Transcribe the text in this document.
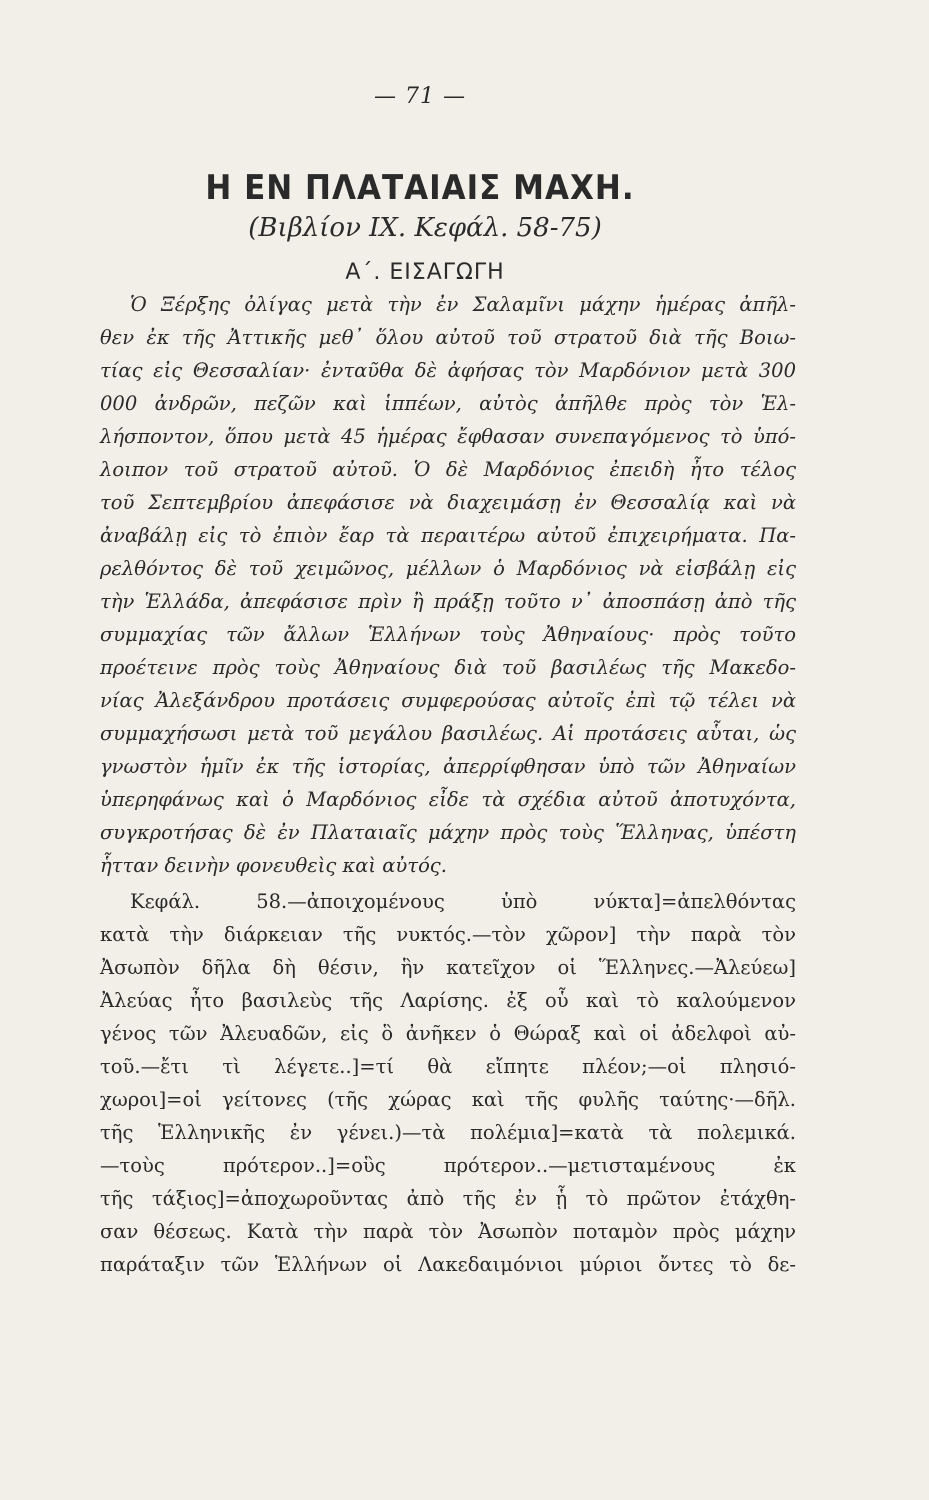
— 71 —
Η ΕΝ ΠΛΑΤΑΙΑΙΣ ΜΑΧΗ.
(Βιβλίον IX. Κεφάλ. 58-75)
Α΄. ΕΙΣΑΓΩΓΗ
Ὁ Ξέρξης ὀλίγας μετὰ τὴν ἐν Σαλαμῖνι μάχην ἡμέρας ἀπῆλ-
θεν ἐκ τῆς Ἀττικῆς μεθ᾽ ὅλου αὐτοῦ τοῦ στρατοῦ διὰ τῆς Βοιω-
τίας εἰς Θεσσαλίαν· ἐνταῦθα δὲ ἀφήσας τὸν Μαρδόνιον μετὰ 300
000 ἀνδρῶν, πεζῶν καὶ ἱππέων, αὐτὸς ἀπῆλθε πρὸς τὸν Ἑλ-
λήσποντον, ὅπου μετὰ 45 ἡμέρας ἔφθασαν συνεπαγόμενος τὸ ὑπό-
λοιπον τοῦ στρατοῦ αὐτοῦ. Ὁ δὲ Μαρδόνιος ἐπειδὴ ἦτο τέλος
τοῦ Σεπτεμβρίου ἀπεφάσισε νὰ διαχειμάσῃ ἐν Θεσσαλίᾳ καὶ νὰ
ἀναβάλῃ εἰς τὸ ἐπιὸν ἔαρ τὰ περαιτέρω αὐτοῦ ἐπιχειρήματα. Πα-
ρελθόντος δὲ τοῦ χειμῶνος, μέλλων ὁ Μαρδόνιος νὰ εἰσβάλῃ εἰς
τὴν Ἑλλάδα, ἀπεφάσισε πρὶν ἢ πράξῃ τοῦτο ν᾽ ἀποσπάσῃ ἀπὸ τῆς
συμμαχίας τῶν ἄλλων Ἑλλήνων τοὺς Ἀθηναίους· πρὸς τοῦτο
προέτεινε πρὸς τοὺς Ἀθηναίους διὰ τοῦ βασιλέως τῆς Μακεδο-
νίας Ἀλεξάνδρου προτάσεις συμφερούσας αὐτοῖς ἐπὶ τῷ τέλει νὰ
συμμαχήσωσι μετὰ τοῦ μεγάλου βασιλέως. Αἱ προτάσεις αὗται, ὡς
γνωστὸν ἡμῖν ἐκ τῆς ἱστορίας, ἀπερρίφθησαν ὑπὸ τῶν Ἀθηναίων
ὑπερηφάνως καὶ ὁ Μαρδόνιος εἶδε τὰ σχέδια αὐτοῦ ἀποτυχόντα,
συγκροτήσας δὲ ἐν Πλαταιαῖς μάχην πρὸς τοὺς Ἕλληνας, ὑπέστη
ἧτταν δεινὴν φονευθεὶς καὶ αὐτός.
Κεφάλ. 58.—ἀποιχομένους ὑπὸ νύκτα]=ἀπελθόντας
κατὰ τὴν διάρκειαν τῆς νυκτός.—τὸν χῶρον] τὴν παρὰ τὸν
Ἀσωπὸν δῆλα δὴ θέσιν, ἣν κατεῖχον οἱ Ἕλληνες.—Ἀλεύεω]
Ἀλεύας ἦτο βασιλεὺς τῆς Λαρίσης. ἐξ οὗ καὶ τὸ καλούμενον
γένος τῶν Ἀλευαδῶν, εἰς ὃ ἀνῆκεν ὁ Θώραξ καὶ οἱ ἀδελφοὶ αὐ-
τοῦ.—ἔτι τὶ λέγετε..]=τί θὰ εἴπητε πλέον;—οἱ πλησιό-
χωροι]=οἱ γείτονες (τῆς χώρας καὶ τῆς φυλῆς ταύτης·—δῆλ.
τῆς Ἑλληνικῆς ἐν γένει.)—τὰ πολέμια]=κατὰ τὰ πολεμικά.
—τοὺς πρότερον..]=οὓς πρότερον..—μετισταμένους ἐκ
τῆς τάξιος]=ἀποχωροῦντας ἀπὸ τῆς ἐν ᾗ τὸ πρῶτον ἐτάχθη-
σαν θέσεως. Κατὰ τὴν παρὰ τὸν Ἀσωπὸν ποταμὸν πρὸς μάχην
παράταξιν τῶν Ἑλλήνων οἱ Λακεδαιμόνιοι μύριοι ὄντες τὸ δε-
